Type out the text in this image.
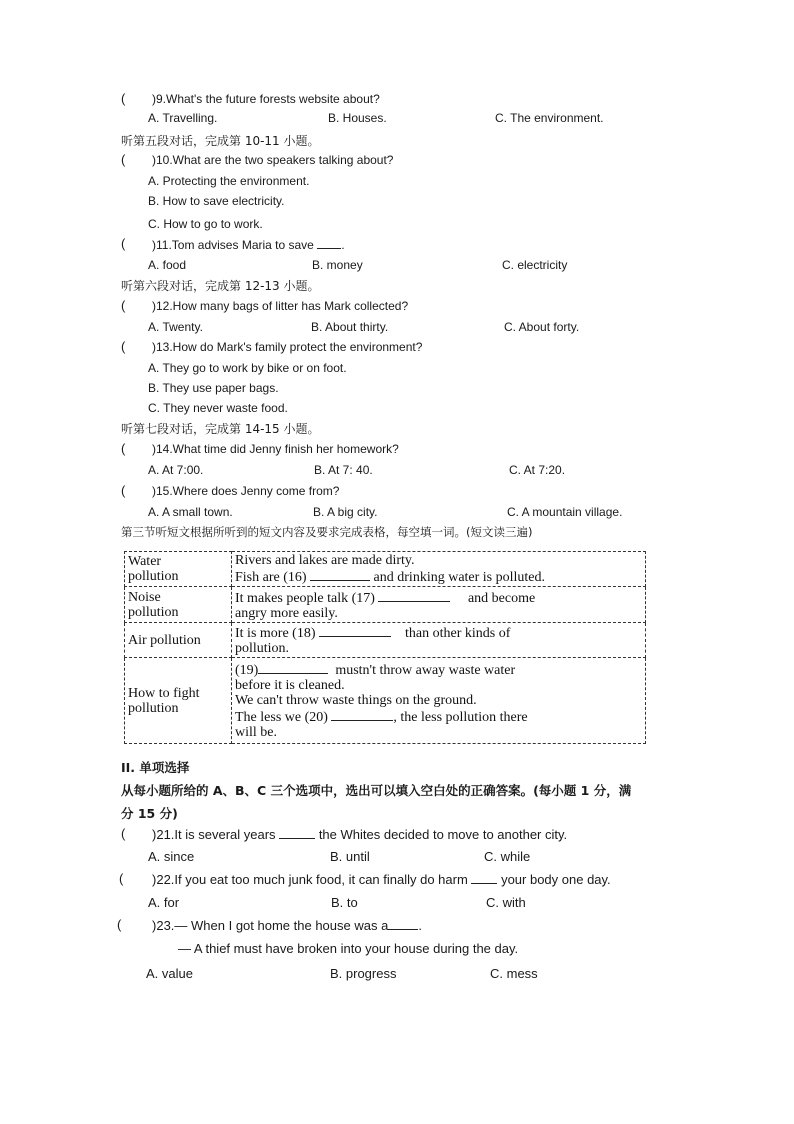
( )9.What's the future forests website about?
A. Travelling.	B. Houses.	C. The environment.
听第五段对话，完成第 10-11 小题。
( )10.What are the two speakers talking about?
A. Protecting the environment.
B. How to save electricity.
C. How to go to work.
( )11.Tom advises Maria to save .
A. food	B. money	C. electricity
听第六段对话，完成第 12-13 小题。
( )12.How many bags of litter has Mark collected?
A. Twenty.	B. About thirty.	C. About forty.
( )13.How do Mark's family protect the environment?
A. They go to work by bike or on foot.
B. They use paper bags.
C. They never waste food.
听第七段对话，完成第 14-15 小题。
( )14.What time did Jenny finish her homework?
A. At 7:00.	B. At 7: 40.	C. At 7:20.
( )15.Where does Jenny come from?
A. A small town.	B. A big city.	C. A mountain village.
第三节听短文根据所听到的短文内容及要求完成表格，每空填一词。(短文读三遍)
Water
pollution	Rivers and lakes are made dirty.
Fish are (16) and drinking water is polluted.

Noise
pollution	It makes people talk (17) and become
angry more easily.

Air pollution	It is more (18) than other kinds of
pollution.

How to fight
pollution	(19) mustn't throw away waste water
before it is cleaned.
We can't throw waste things on the ground.
The less we (20) , the less pollution there
will be.
II. 单项选择
从每小题所给的 A、B、C 三个选项中，选出可以填入空白处的正确答案。(每小题 1 分，满
分 15 分)
( )21.It is several years	the Whites decided to move to another city.
A. since	B. until	C. while
( )22.If you eat too much junk food, it can finally do harm	your body one day.
A. for	B. to	C. with
( )23.— When I got home the house was a .
— A thief must have broken into your house during the day.
A. value	B. progress	C. mess
